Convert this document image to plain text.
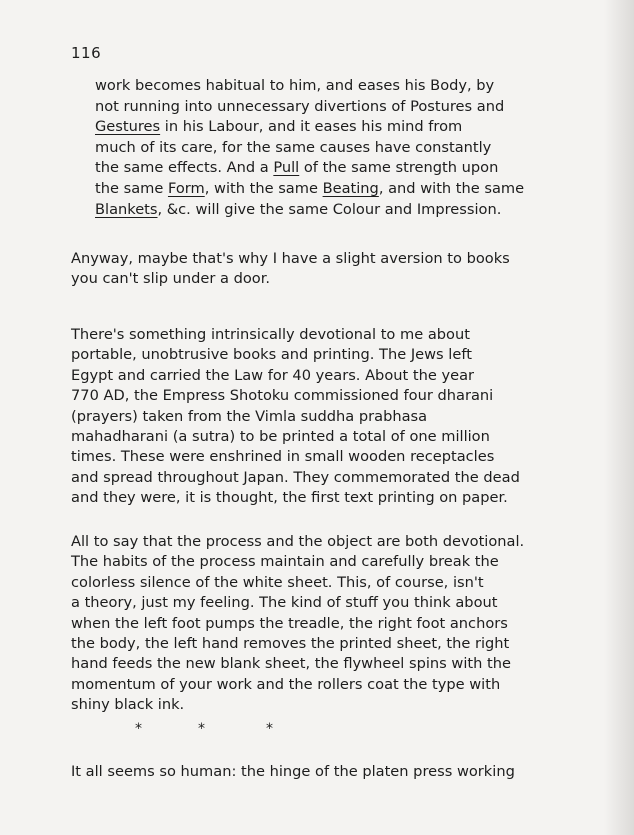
116
work becomes habitual to him, and eases his Body, by
not running into unnecessary divertions of Postures and
Gestures in his Labour, and it eases his mind from
much of its care, for the same causes have constantly
the same effects. And a Pull of the same strength upon
the same Form, with the same Beating, and with the same
Blankets, &c. will give the same Colour and Impression.
Anyway, maybe that's why I have a slight aversion to books
you can't slip under a door.
There's something intrinsically devotional to me about
portable, unobtrusive books and printing. The Jews left
Egypt and carried the Law for 40 years. About the year
770 AD, the Empress Shotoku commissioned four dharani
(prayers) taken from the Vimla suddha prabhasa
mahadharani (a sutra) to be printed a total of one million
times. These were enshrined in small wooden receptacles
and spread throughout Japan. They commemorated the dead
and they were, it is thought, the first text printing on paper.
All to say that the process and the object are both devotional.
The habits of the process maintain and carefully break the
colorless silence of the white sheet. This, of course, isn't
a theory, just my feeling. The kind of stuff you think about
when the left foot pumps the treadle, the right foot anchors
the body, the left hand removes the printed sheet, the right
hand feeds the new blank sheet, the flywheel spins with the
momentum of your work and the rollers coat the type with
shiny black ink.
*	*	*
It all seems so human: the hinge of the platen press working
